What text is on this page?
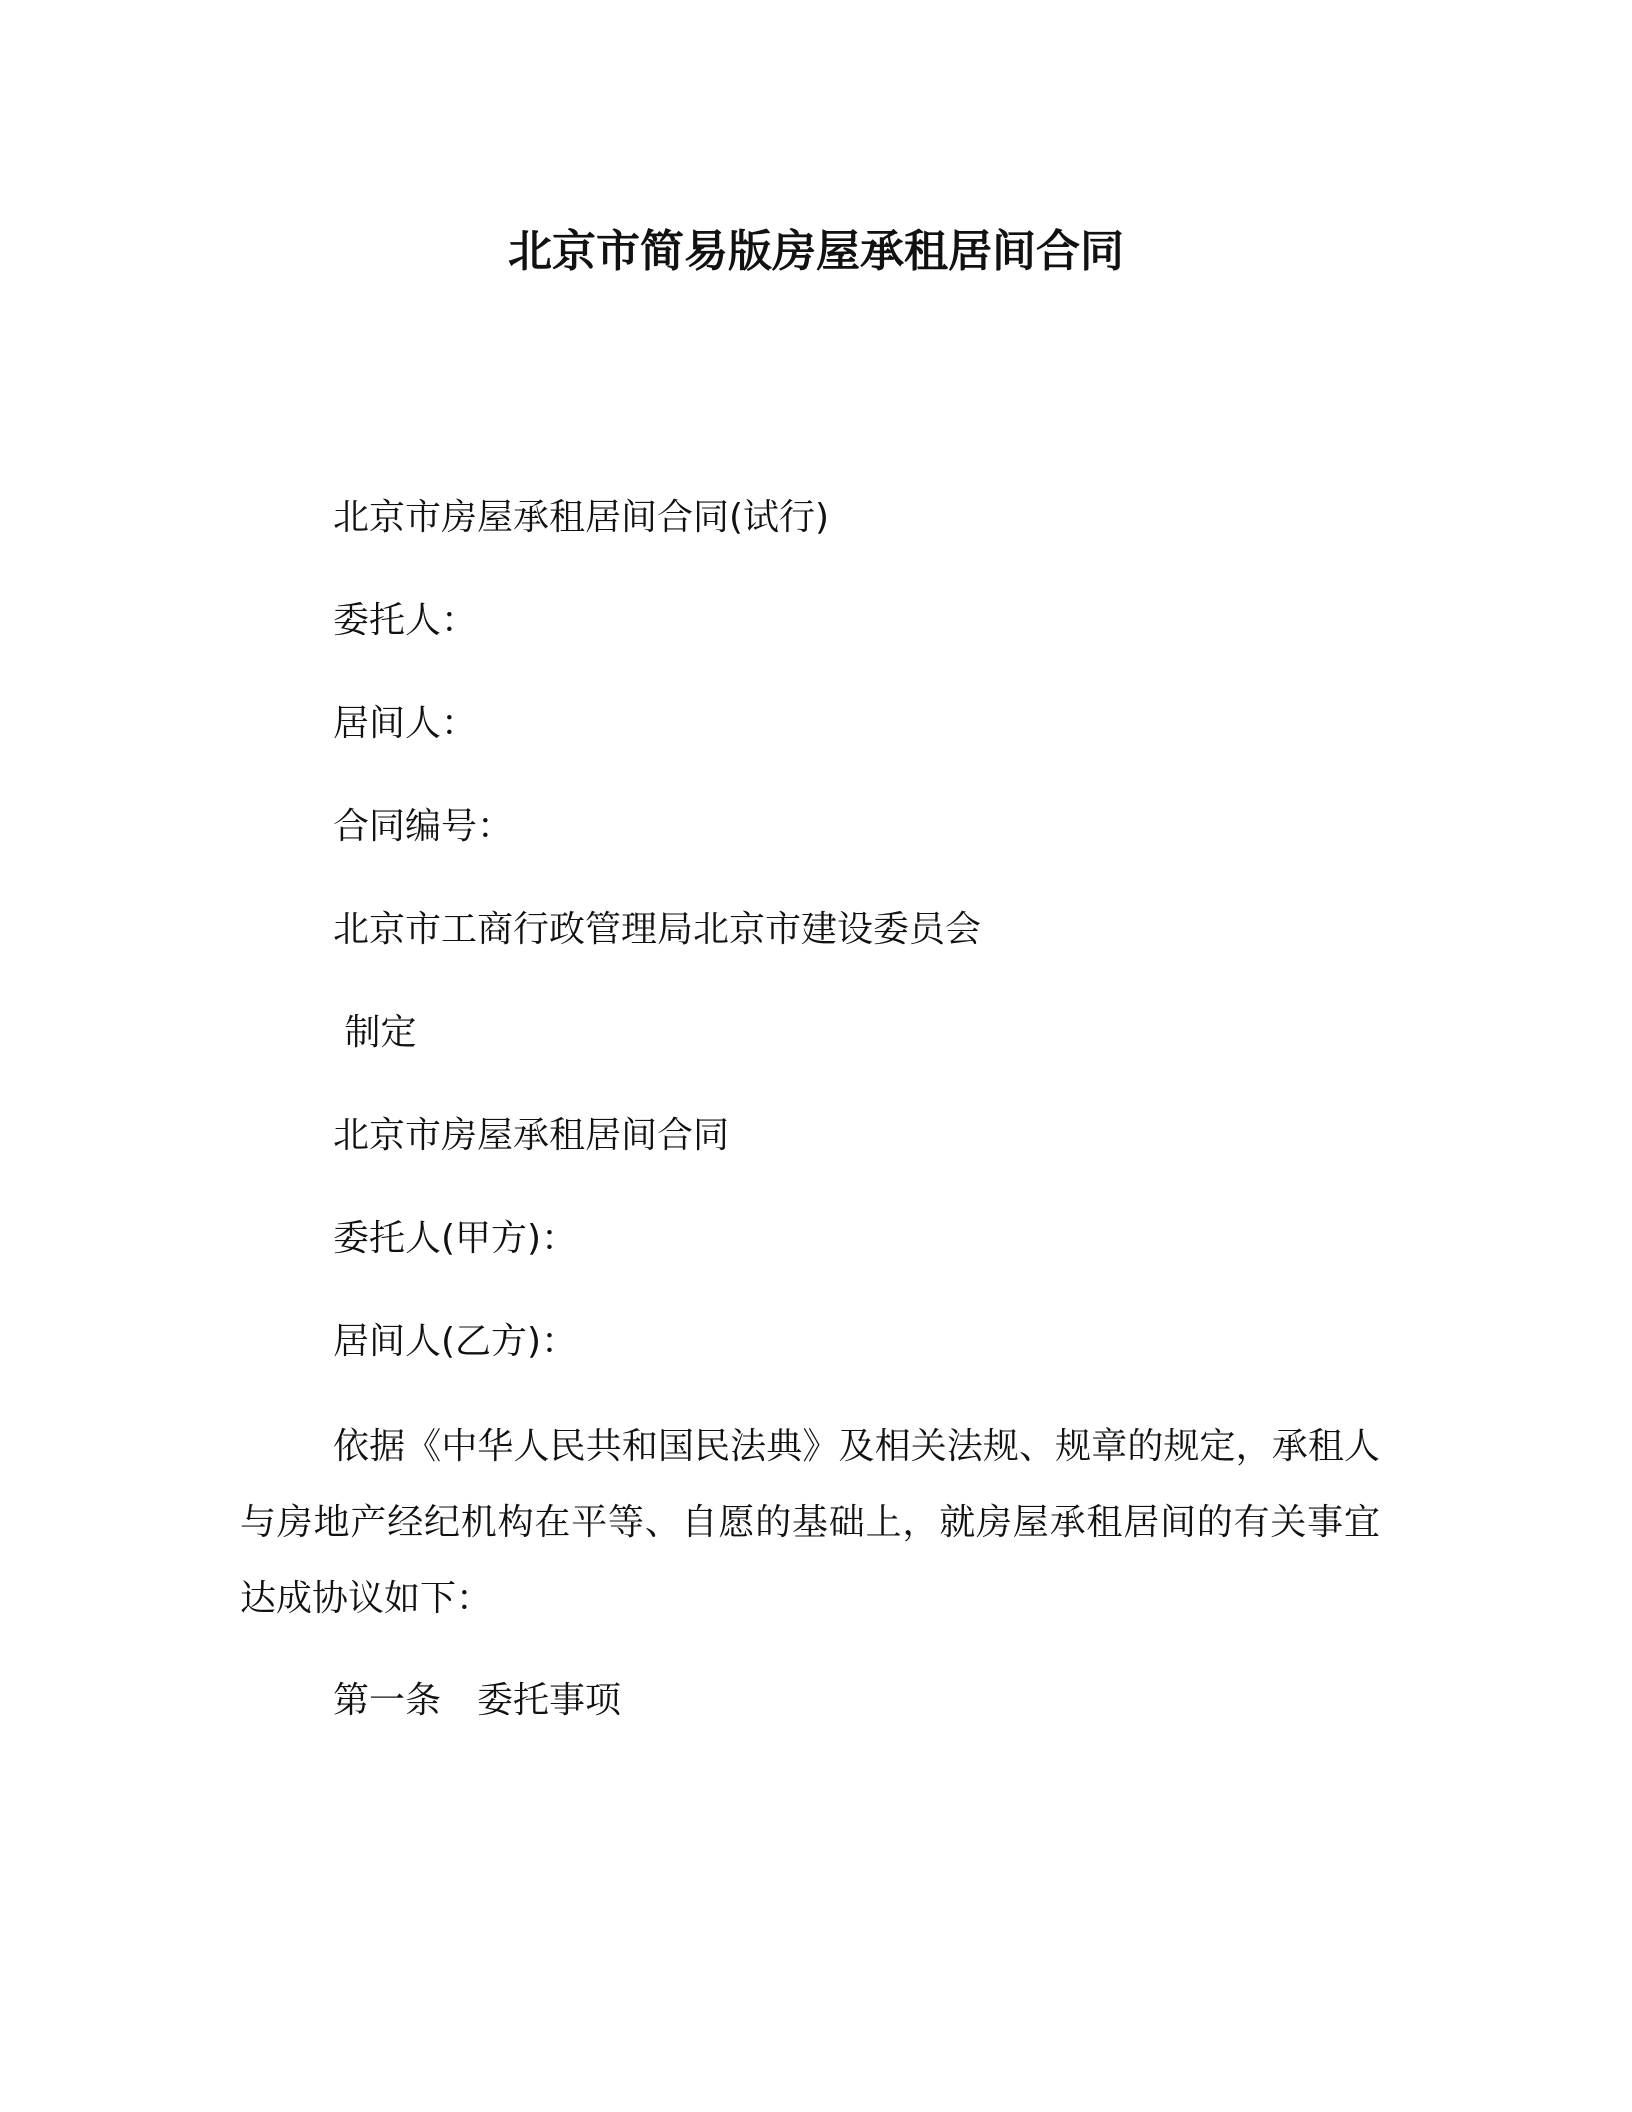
北京市简易版房屋承租居间合同
北京市房屋承租居间合同(试行)
委托人：
居间人：
合同编号：
北京市工商行政管理局北京市建设委员会
制定
北京市房屋承租居间合同
委托人(甲方)：
居间人(乙方)：
依据《中华人民共和国民法典》及相关法规、规章的规定，承租人与房地产经纪机构在平等、自愿的基础上，就房屋承租居间的有关事宜达成协议如下：
第一条　委托事项
